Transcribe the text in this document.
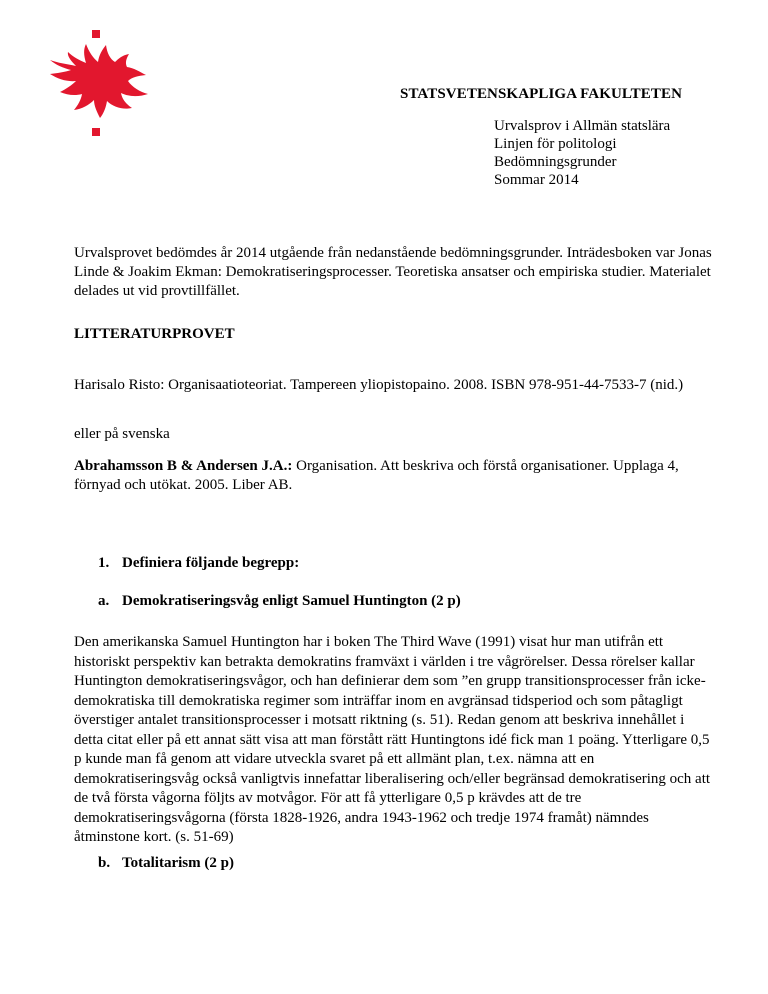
STATSVETENSKAPLIGA FAKULTETEN
Urvalsprov i Allmän statslära
Linjen för politologi
Bedömningsgrunder
Sommar 2014

Urvalsprovet bedömdes år 2014 utgående från nedanstående bedömningsgrunder. Inträdesboken var Jonas Linde & Joakim Ekman: Demokratiseringsprocesser. Teoretiska ansatser och empiriska studier. Materialet delades ut vid provtillfället.

LITTERATURPROVET

Harisalo Risto: Organisaatioteoriat. Tampereen yliopistopaino. 2008. ISBN 978-951-44-7533-7 (nid.)

eller på svenska

Abrahamsson B & Andersen J.A.: Organisation. Att beskriva och förstå organisationer. Upplaga 4, förnyad och utökat. 2005. Liber AB.

1. Definiera följande begrepp:
a. Demokratiseringsvåg enligt Samuel Huntington (2 p)

Den amerikanska Samuel Huntington har i boken The Third Wave (1991) visat hur man utifrån ett historiskt perspektiv kan betrakta demokratins framväxt i världen i tre vågrörelser. Dessa rörelser kallar Huntington demokratiseringsvågor, och han definierar dem som ”en grupp transitionsprocesser från icke-demokratiska till demokratiska regimer som inträffar inom en avgränsad tidsperiod och som påtagligt överstiger antalet transitionsprocesser i motsatt riktning (s. 51). Redan genom att beskriva innehållet i detta citat eller på ett annat sätt visa att man förstått rätt Huntingtons idé fick man 1 poäng. Ytterligare 0,5 p kunde man få genom att vidare utveckla svaret på ett allmänt plan, t.ex. nämna att en demokratiseringsvåg också vanligtvis innefattar liberalisering och/eller begränsad demokratisering och att de två första vågorna följts av motvågor. För att få ytterligare 0,5 p krävdes att de tre demokratiseringsvågorna (första 1828-1926, andra 1943-1962 och tredje 1974 framåt) nämndes åtminstone kort. (s. 51-69)

b. Totalitarism (2 p)
